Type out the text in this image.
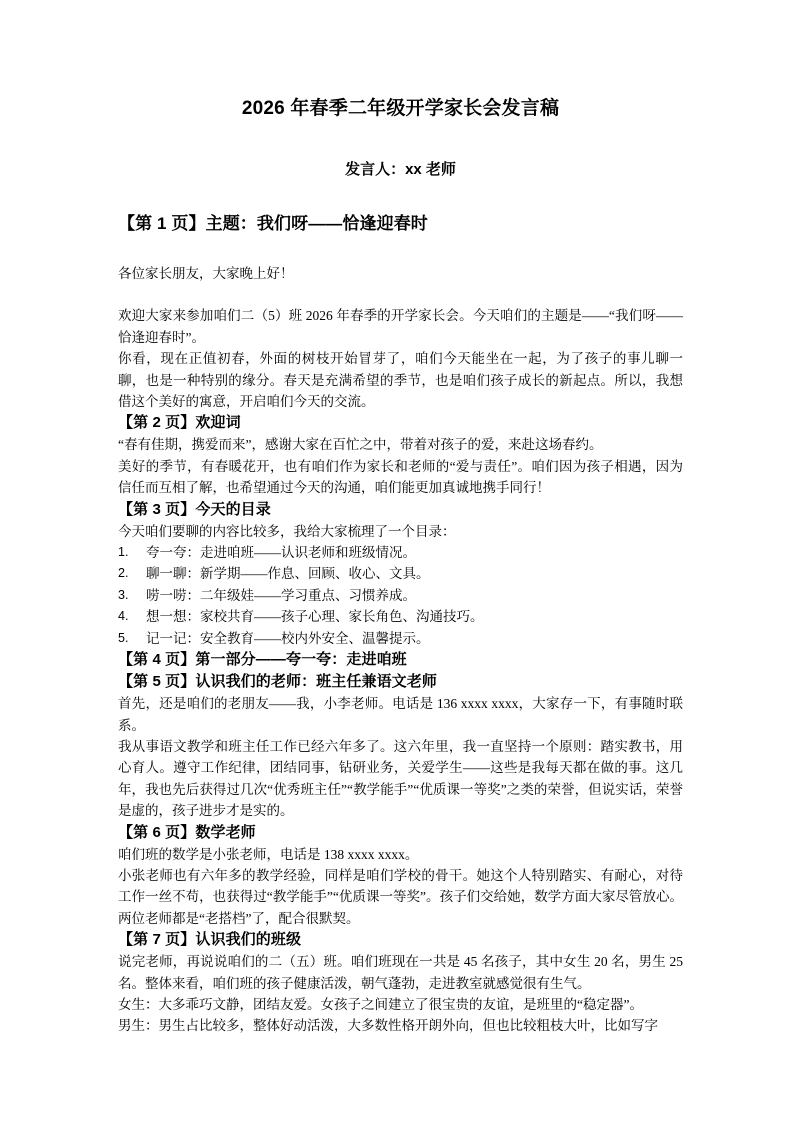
2026 年春季二年级开学家长会发言稿
发言人：xx 老师
【第 1 页】主题：我们呀——恰逢迎春时

各位家长朋友，大家晚上好！

欢迎大家来参加咱们二（5）班 2026 年春季的开学家长会。今天咱们的主题是——“我们呀——恰逢迎春时”。

你看，现在正值初春，外面的树枝开始冒芽了，咱们今天能坐在一起，为了孩子的事儿聊一聊，也是一种特别的缘分。春天是充满希望的季节，也是咱们孩子成长的新起点。所以，我想借这个美好的寓意，开启咱们今天的交流。

【第 2 页】欢迎词

“春有佳期，携爱而来”，感谢大家在百忙之中，带着对孩子的爱，来赴这场春约。

美好的季节，有春暖花开，也有咱们作为家长和老师的“爱与责任”。咱们因为孩子相遇，因为信任而互相了解，也希望通过今天的沟通，咱们能更加真诚地携手同行！

【第 3 页】今天的目录

今天咱们要聊的内容比较多，我给大家梳理了一个目录：

1.	夸一夸：走进咱班——认识老师和班级情况。
2.	聊一聊：新学期——作息、回顾、收心、文具。
3.	唠一唠：二年级娃——学习重点、习惯养成。
4.	想一想：家校共育——孩子心理、家长角色、沟通技巧。
5.	记一记：安全教育——校内外安全、温馨提示。
【第 4 页】第一部分——夸一夸：走进咱班
【第 5 页】认识我们的老师：班主任兼语文老师

首先，还是咱们的老朋友——我，小李老师。电话是 136 xxxx xxxx，大家存一下，有事随时联系。

我从事语文教学和班主任工作已经六年多了。这六年里，我一直坚持一个原则：踏实教书，用心育人。遵守工作纪律，团结同事，钻研业务，关爱学生——这些是我每天都在做的事。这几年，我也先后获得过几次“优秀班主任”“教学能手”“优质课一等奖”之类的荣誉，但说实话，荣誉是虚的，孩子进步才是实的。

【第 6 页】数学老师

咱们班的数学是小张老师，电话是 138 xxxx xxxx。

小张老师也有六年多的教学经验，同样是咱们学校的骨干。她这个人特别踏实、有耐心，对待工作一丝不苟，也获得过“教学能手”“优质课一等奖”。孩子们交给她，数学方面大家尽管放心。两位老师都是“老搭档”了，配合很默契。

【第 7 页】认识我们的班级

说完老师，再说说咱们的二（五）班。咱们班现在一共是 45 名孩子，其中女生 20 名，男生 25 名。整体来看，咱们班的孩子健康活泼，朝气蓬勃，走进教室就感觉很有生气。

女生：大多乖巧文静，团结友爱。女孩子之间建立了很宝贵的友谊，是班里的“稳定器”。

男生：男生占比较多，整体好动活泼，大多数性格开朗外向，但也比较粗枝大叶，比如写字
